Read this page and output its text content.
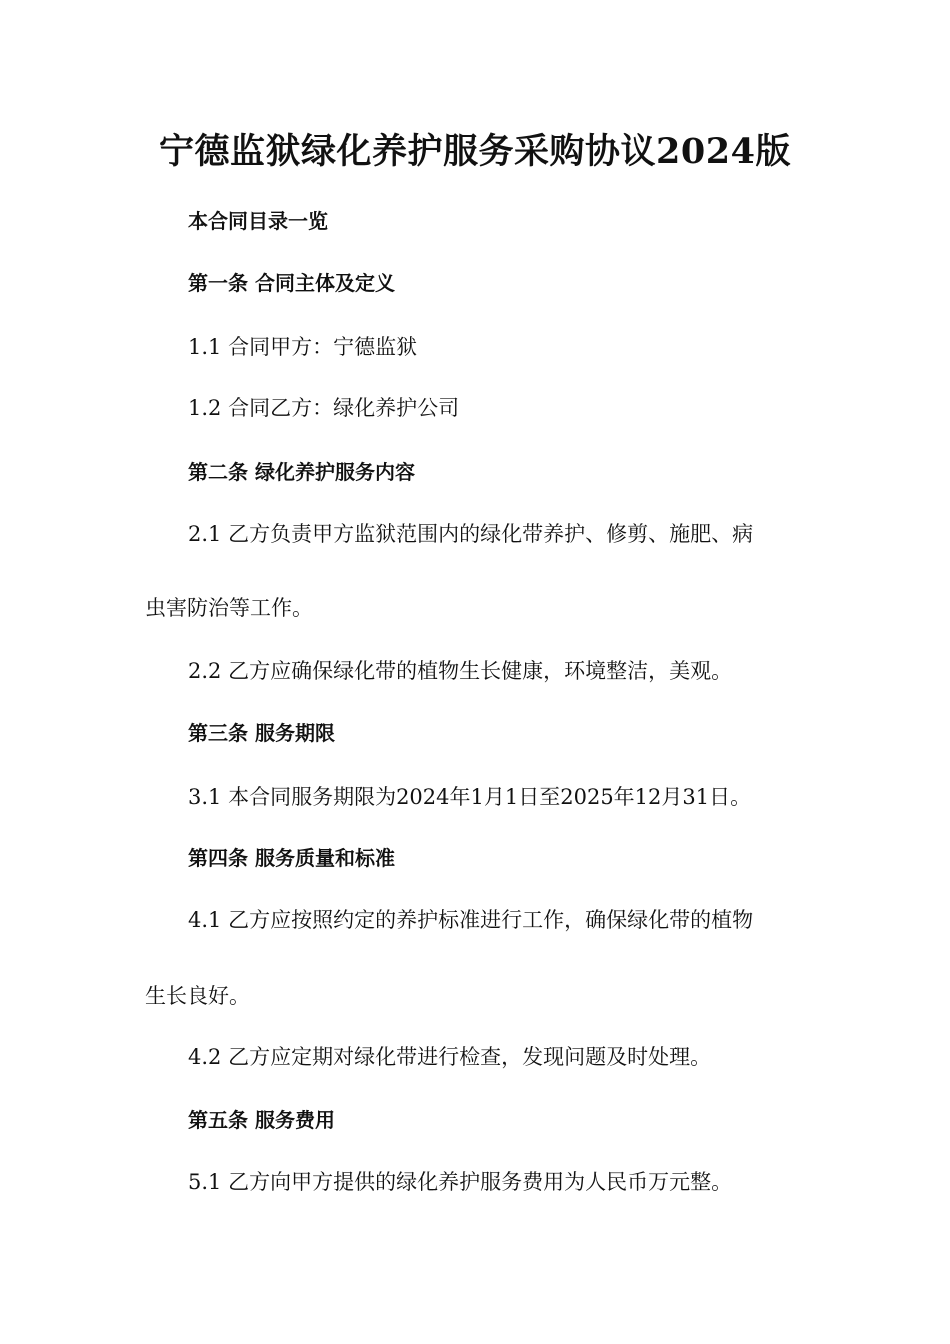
宁德监狱绿化养护服务采购协议2024版

本合同目录一览

第一条 合同主体及定义

1.1 合同甲方：宁德监狱

1.2 合同乙方：绿化养护公司

第二条 绿化养护服务内容

2.1 乙方负责甲方监狱范围内的绿化带养护、修剪、施肥、病

虫害防治等工作。

2.2 乙方应确保绿化带的植物生长健康，环境整洁，美观。

第三条 服务期限

3.1 本合同服务期限为2024年1月1日至2025年12月31日。

第四条 服务质量和标准

4.1 乙方应按照约定的养护标准进行工作，确保绿化带的植物

生长良好。

4.2 乙方应定期对绿化带进行检查，发现问题及时处理。

第五条 服务费用

5.1 乙方向甲方提供的绿化养护服务费用为人民币万元整。
